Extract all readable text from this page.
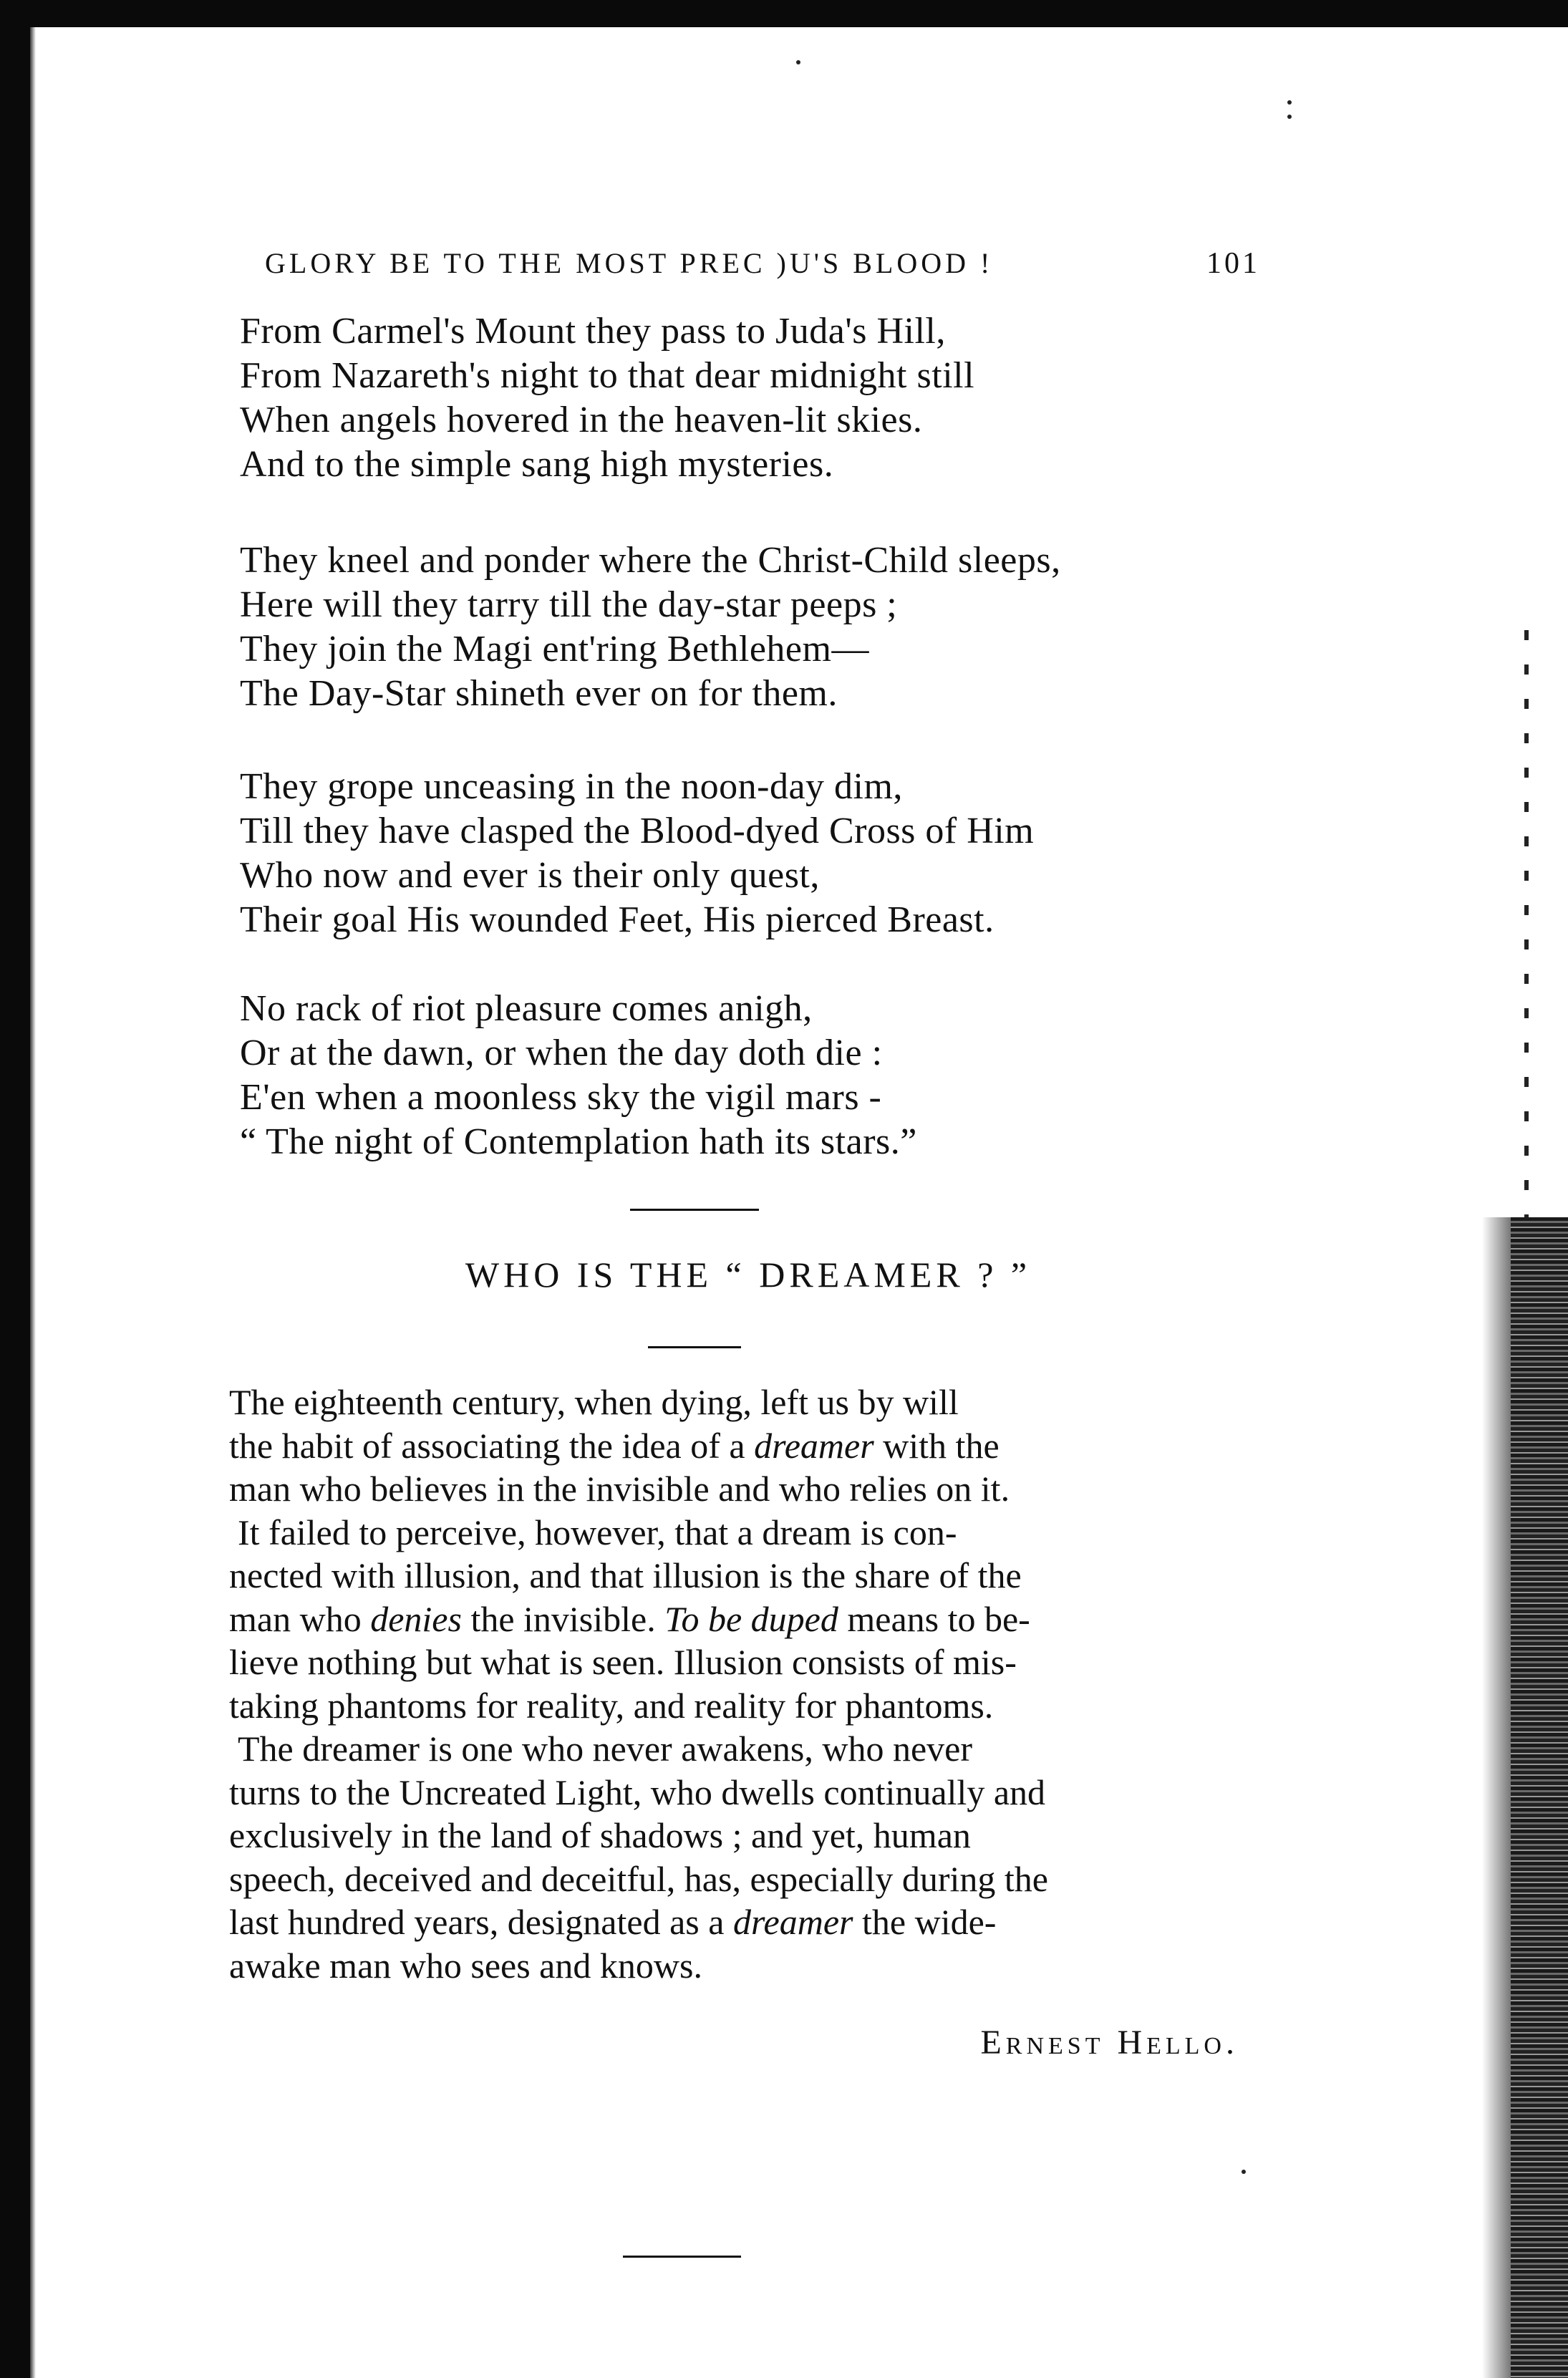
GLORY BE TO THE MOST PREC )U'S BLOOD !	101
From Carmel's Mount they pass to Juda's Hill,
From Nazareth's night to that dear midnight still
When angels hovered in the heaven-lit skies.
And to the simple sang high mysteries.
They kneel and ponder where the Christ-Child sleeps,
Here will they tarry till the day-star peeps ;
They join the Magi ent'ring Bethlehem—
The Day-Star shineth ever on for them.
They grope unceasing in the noon-day dim,
Till they have clasped the Blood-dyed Cross of Him
Who now and ever is their only quest,
Their goal His wounded Feet, His pierced Breast.
No rack of riot pleasure comes anigh,
Or at the dawn, or when the day doth die :
E'en when a moonless sky the vigil mars -
“ The night of Contemplation hath its stars.”
WHO IS THE “ DREAMER ? ”
The eighteenth century, when dying, left us by will
the habit of associating the idea of a dreamer with the
man who believes in the invisible and who relies on it.
It failed to perceive, however, that a dream is con-
nected with illusion, and that illusion is the share of the
man who denies the invisible. To be duped means to be-
lieve nothing but what is seen. Illusion consists of mis-
taking phantoms for reality, and reality for phantoms.
The dreamer is one who never awakens, who never
turns to the Uncreated Light, who dwells continually and
exclusively in the land of shadows ; and yet, human
speech, deceived and deceitful, has, especially during the
last hundred years, designated as a dreamer the wide-
awake man who sees and knows.
Ernest Hello.
